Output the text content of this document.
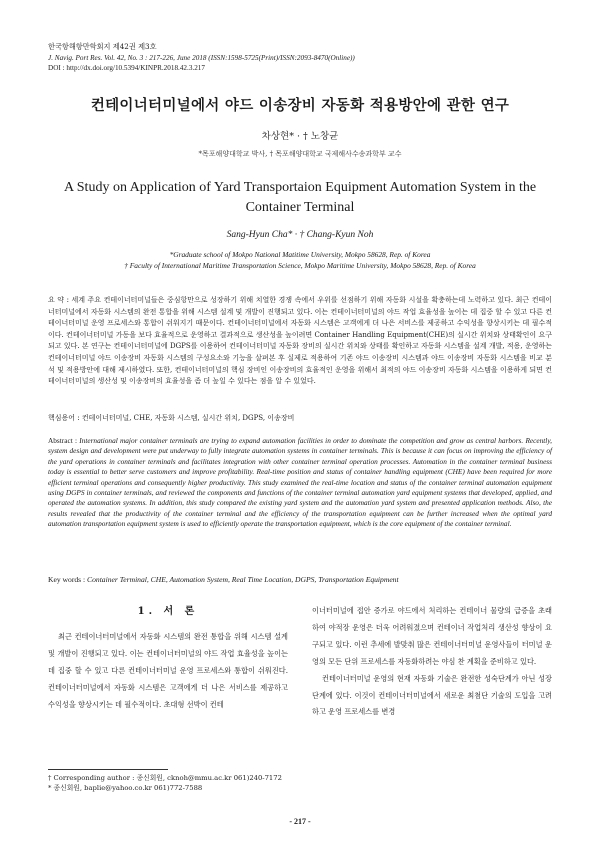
한국항해항만학회지 제42권 제3호
J. Navig. Port Res. Vol. 42, No. 3 : 217-226, June 2018 (ISSN:1598-5725(Print)/ISSN:2093-8470(Online))
DOI : http://dx.doi.org/10.5394/KINPR.2018.42.3.217
컨테이너터미널에서 야드 이송장비 자동화 적용방안에 관한 연구
차상현* · † 노창균
*목포해양대학교 박사, † 목포해양대학교 국제해사수송과학부 교수
A Study on Application of Yard Transportaion Equipment Automation System in the Container Terminal
Sang-Hyun Cha* · † Chang-Kyun Noh
*Graduate school of Mokpo National Matitime University, Mokpo 58628, Rep. of Korea
† Faculty of International Maritime Transportation Science, Mokpo Maritime University, Mokpo 58628, Rep. of Korea
요 약 : 세계 주요 컨테이너터미널들은 중심항만으로 성장하기 위해 치열한 경쟁 속에서 우위를 선점하기 위해 자동화 시설을 확충하는데 노력하고 있다. 최근 컨테이너터미널에서 자동화 시스템의 완전 통합을 위해 시스템 설계 및 개발이 진행되고 있다. 이는 컨테이너터미널의 야드 작업 효율성을 높이는 데 집중 할 수 있고 다른 컨테이너터미널 운영 프로세스와 통합이 쉬워지기 때문이다. 컨테이너터미널에서 자동화 시스템은 고객에게 더 나은 서비스를 제공하고 수익성을 향상시키는 데 필수적이다. 컨테이너터미널 가동을 보다 효율적으로 운영하고 결과적으로 생산성을 높이려면 Container Handling Equipment(CHE)의 실시간 위치와 상태확인이 요구되고 있다. 본 연구는 컨테이너터미널에 DGPS를 이용하여 컨테이너터미널 자동화 장비의 실시간 위치와 상태를 확인하고 자동화 시스템을 설계 개발, 적용, 운영하는 컨테이너터미널 야드 이송장비 자동화 시스템의 구성요소와 기능을 살펴본 후 실제로 적용하여 기존 야드 이송장비 시스템과 야드 이송장비 자동화 시스템을 비교 분석 및 적용방안에 대해 제시하였다. 또한, 컨테이너터미널의 핵심 장비인 이송장비의 효율적인 운영을 위해서 최적의 야드 이송장비 자동화 시스템을 이용하게 되면 컨테이너터미널의 생산성 및 이송장비의 효율성을 좀 더 높일 수 있다는 점을 알 수 있었다.
핵심용어 : 컨테이너터미널, CHE, 자동화 시스템, 실시간 위치, DGPS, 이송장비
Abstract : International major container terminals are trying to expand automation facilities in order to dominate the competition and grow as central harbors. Recently, system design and development were put underway to fully integrate automation systems in container terminals. This is because it can focus on improving the efficiency of the yard operations in container terminals and facilitates integration with other container terminal operation processes. Automation in the container terminal business today is essential to better serve customers and improve profitability. Real-time position and status of container handling equipment (CHE) have been required for more efficient terminal operations and consequently higher productivity. This study examined the real-time location and status of the container terminal automation equipment using DGPS in container terminals, and reviewed the components and functions of the container terminal automation yard equipment systems that developed, applied, and operated the automation systems. In addition, this study compared the existing yard system and the automation yard system and presented application methods. Also, the results revealed that the productivity of the container terminal and the efficiency of the transportation equipment can be further increased when the optimal yard automation transportation equipment system is used to efficiently operate the transportation equipment, which is the core equipment of the container terminal.
Key words : Container Terminal, CHE, Automation System, Real Time Location, DGPS, Transportation Equipment
1. 서 론

최근 컨테이너터미널에서 자동화 시스템의 완전 통합을 위해 시스템 설계 및 개발이 진행되고 있다. 이는 컨테이너터미널의 야드 작업 효율성을 높이는 데 집중 할 수 있고 다른 컨테이너터미널 운영 프로세스와 통합이 쉬워진다. 컨테이너터미널에서 자동화 시스템은 고객에게 더 나은 서비스를 제공하고 수익성을 향상시키는 데 필수적이다. 초대형 선박이 컨테

이너터미널에 접안 증가로 야드에서 처리하는 컨테이너 물량의 급증을 초래하여 야적장 운영은 더욱 어려워졌으며 컨테이너 작업처리 생산성 향상이 요구되고 있다. 이런 추세에 발맞춰 많은 컨테이너터미널 운영사들이 터미널 운영의 모든 단위 프로세스를 자동화하려는 야심 찬 계획을 준비하고 있다.

컨테이너터미널 운영의 현재 자동화 기술은 완전한 성숙단계가 아닌 성장 단계에 있다. 이것이 컨테이너터미널에서 새로운 최첨단 기술의 도입을 고려하고 운영 프로세스를 변경

† Corresponding author : 종신회원, cknoh@mmu.ac.kr 061)240-7172
* 종신회원, baplie@yahoo.co.kr 061)772-7588
- 217 -
